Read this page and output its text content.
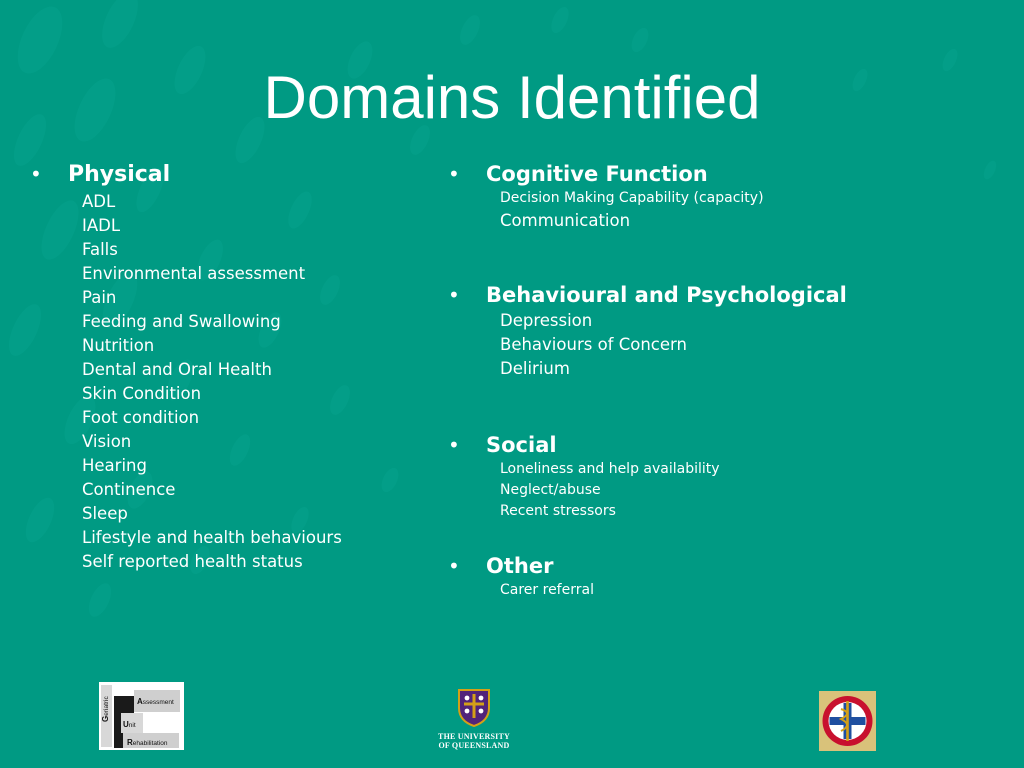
Domains Identified
•	Physical
ADL
IADL
Falls
Environmental assessment
Pain
Feeding and Swallowing
Nutrition
Dental and Oral Health
Skin Condition
Foot condition
Vision
Hearing
Continence
Sleep
Lifestyle and health behaviours
Self reported health status
•	Cognitive Function
Decision Making Capability (capacity)
Communication
•	Behavioural and Psychological
Depression
Behaviours of Concern
Delirium
•	Social
Loneliness and help availability
Neglect/abuse
Recent stressors
•	Other
Carer referral
Geriatric	Assessment
Unit
Rehabilitation
THE UNIVERSITY
OF QUEENSLAND
